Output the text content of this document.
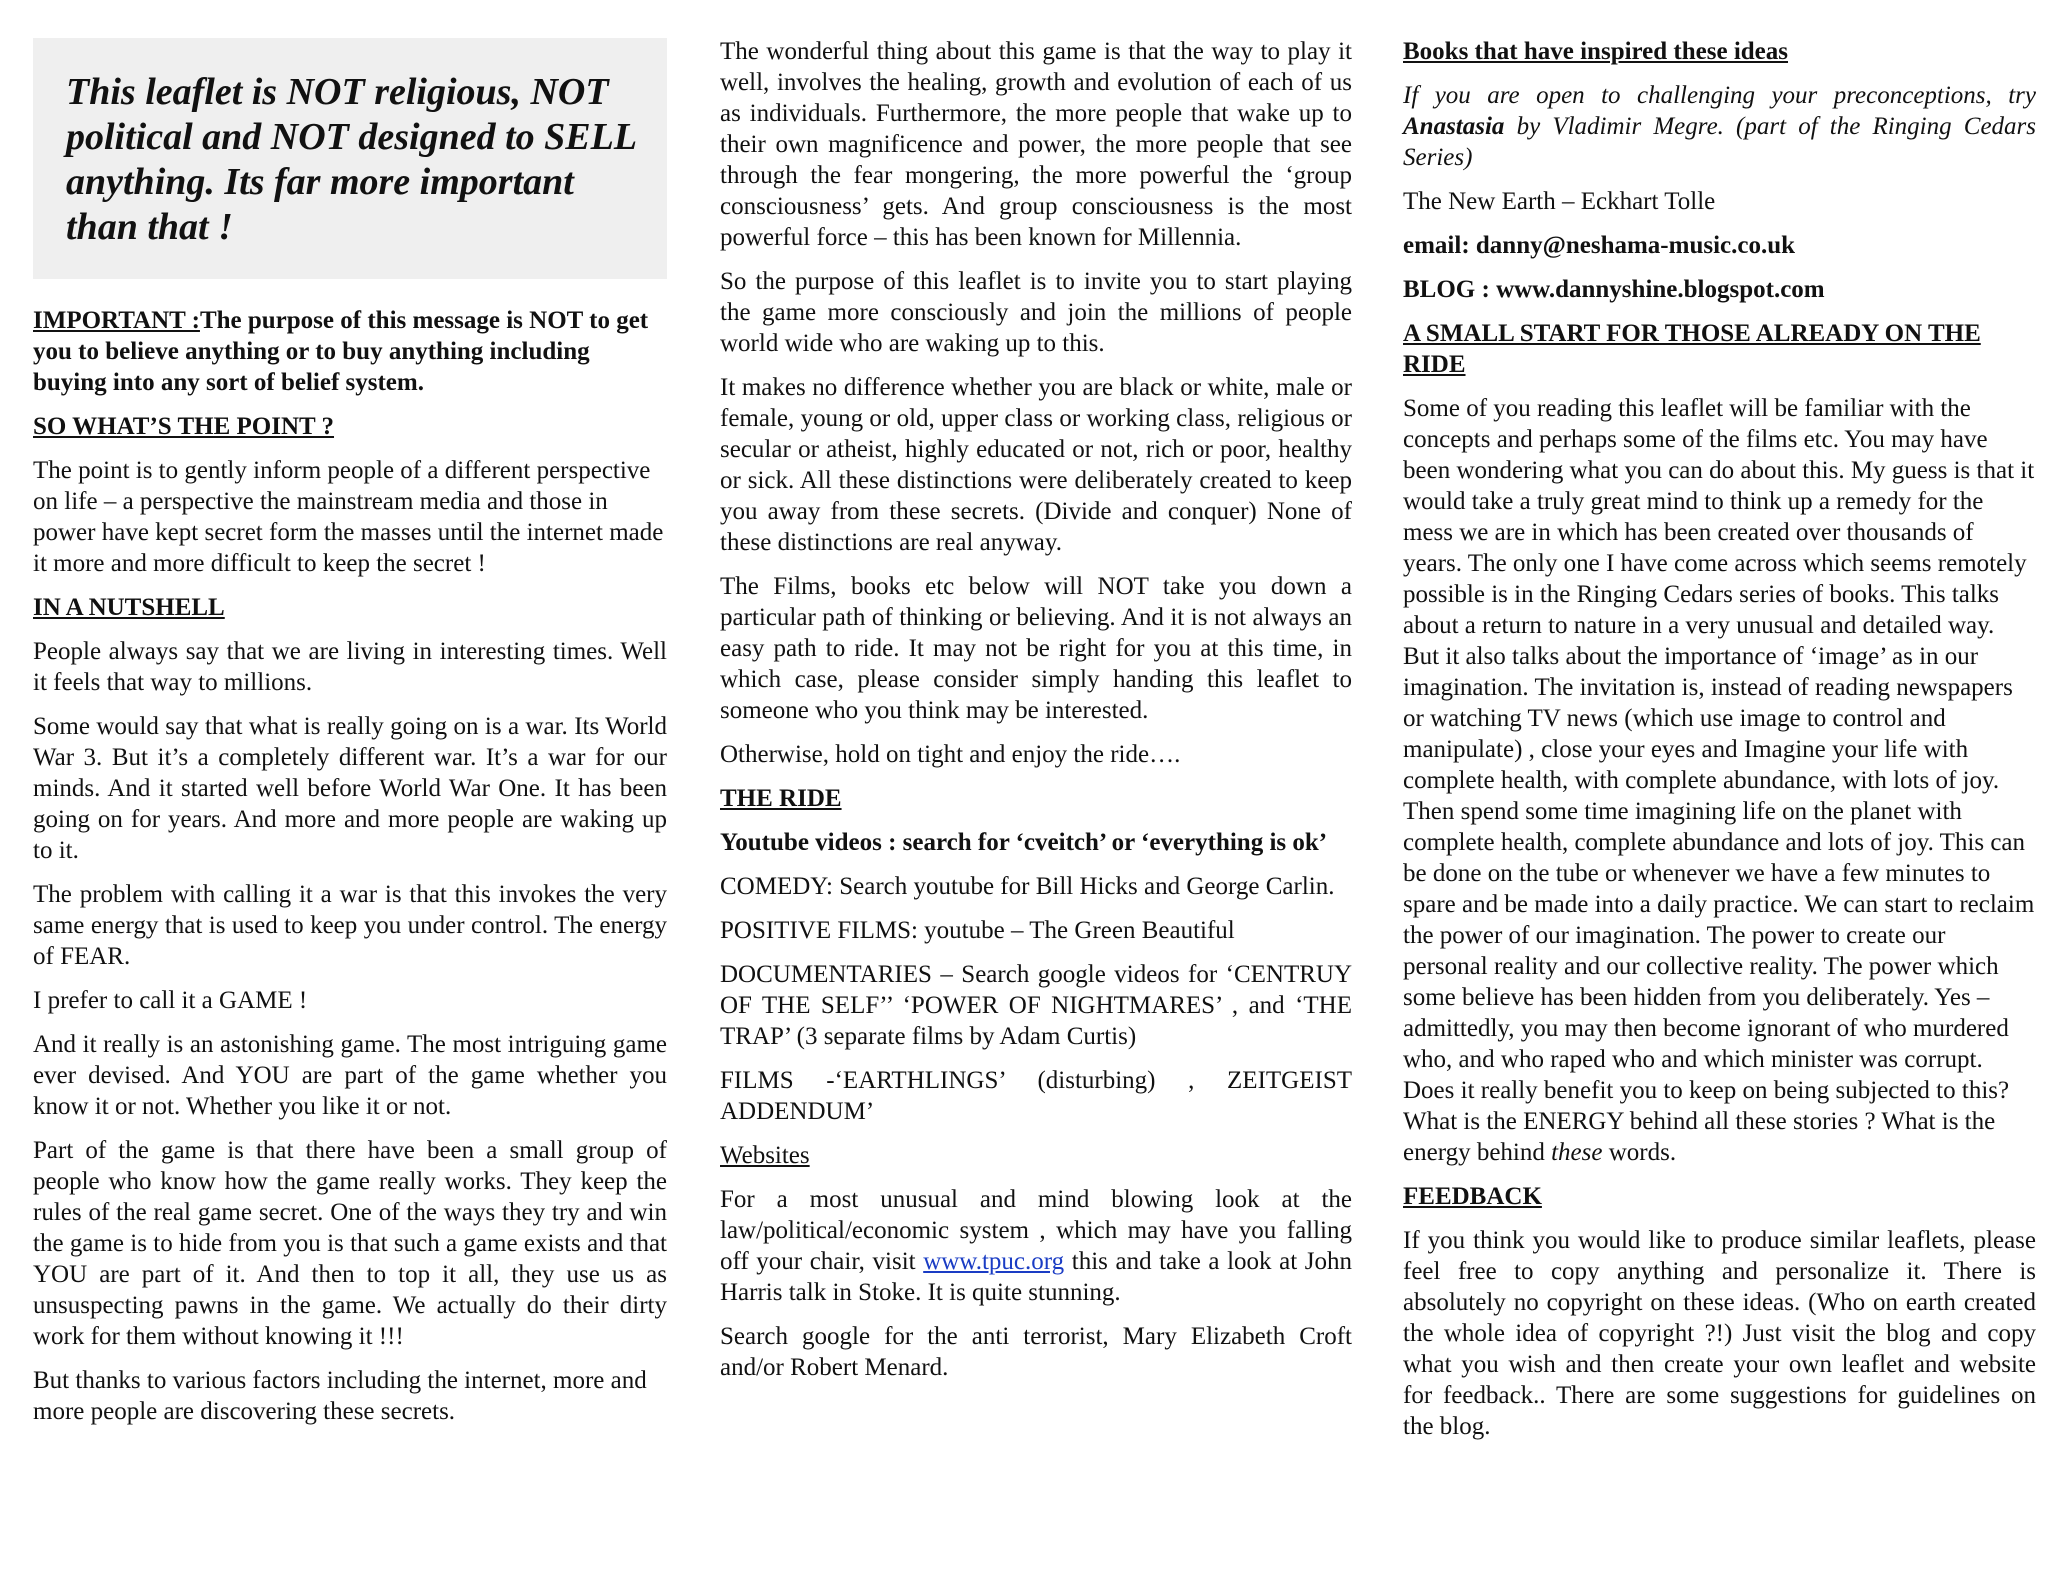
This leaflet is NOT religious, NOT political and NOT designed to SELL anything. Its far more important than that !

IMPORTANT :The purpose of this message is NOT to get you to believe anything or to buy anything including buying into any sort of belief system.

SO WHAT’S THE POINT ?

The point is to gently inform people of a different perspective on life – a perspective the mainstream media and those in power have kept secret form the masses until the internet made it more and more difficult to keep the secret !

IN A NUTSHELL

People always say that we are living in interesting times. Well it feels that way to millions.

Some would say that what is really going on is a war. Its World War 3. But it’s a completely different war. It’s a war for our minds. And it started well before World War One. It has been going on for years. And more and more people are waking up to it.

The problem with calling it a war is that this invokes the very same energy that is used to keep you under control. The energy of FEAR.

I prefer to call it a GAME !

And it really is an astonishing game. The most intriguing game ever devised. And YOU are part of the game whether you know it or not. Whether you like it or not.

Part of the game is that there have been a small group of people who know how the game really works. They keep the rules of the real game secret. One of the ways they try and win the game is to hide from you is that such a game exists and that YOU are part of it. And then to top it all, they use us as unsuspecting pawns in the game. We actually do their dirty work for them without knowing it !!!

But thanks to various factors including the internet, more and more people are discovering these secrets.

The wonderful thing about this game is that the way to play it well, involves the healing, growth and evolution of each of us as individuals. Furthermore, the more people that wake up to their own magnificence and power, the more people that see through the fear mongering, the more powerful the ‘group consciousness’ gets. And group consciousness is the most powerful force – this has been known for Millennia.

So the purpose of this leaflet is to invite you to start playing the game more consciously and join the millions of people world wide who are waking up to this.

It makes no difference whether you are black or white, male or female, young or old, upper class or working class, religious or secular or atheist, highly educated or not, rich or poor, healthy or sick. All these distinctions were deliberately created to keep you away from these secrets. (Divide and conquer) None of these distinctions are real anyway.

The Films, books etc below will NOT take you down a particular path of thinking or believing. And it is not always an easy path to ride. It may not be right for you at this time, in which case, please consider simply handing this leaflet to someone who you think may be interested.

Otherwise, hold on tight and enjoy the ride….

THE RIDE

Youtube videos : search for ‘cveitch’ or ‘everything is ok’

COMEDY: Search youtube for Bill Hicks and George Carlin.

POSITIVE FILMS: youtube – The Green Beautiful

DOCUMENTARIES – Search google videos for ‘CENTRUY OF THE SELF’’ ‘POWER OF NIGHTMARES’ , and ‘THE TRAP’ (3 separate films by Adam Curtis)

FILMS -‘EARTHLINGS’ (disturbing) , ZEITGEIST ADDENDUM’

Websites

For a most unusual and mind blowing look at the law/political/economic system , which may have you falling off your chair, visit www.tpuc.org this and take a look at John Harris talk in Stoke. It is quite stunning.

Search google for the anti terrorist, Mary Elizabeth Croft and/or Robert Menard.

Books that have inspired these ideas

If you are open to challenging your preconceptions, try Anastasia by Vladimir Megre. (part of the Ringing Cedars Series)

The New Earth – Eckhart Tolle

email: danny@neshama-music.co.uk

BLOG : www.dannyshine.blogspot.com

A SMALL START FOR THOSE ALREADY ON THE RIDE

Some of you reading this leaflet will be familiar with the concepts and perhaps some of the films etc. You may have been wondering what you can do about this. My guess is that it would take a truly great mind to think up a remedy for the mess we are in which has been created over thousands of years. The only one I have come across which seems remotely possible is in the Ringing Cedars series of books. This talks about a return to nature in a very unusual and detailed way. But it also talks about the importance of ‘image’ as in our imagination. The invitation is, instead of reading newspapers or watching TV news (which use image to control and manipulate) , close your eyes and Imagine your life with complete health, with complete abundance, with lots of joy. Then spend some time imagining life on the planet with complete health, complete abundance and lots of joy. This can be done on the tube or whenever we have a few minutes to spare and be made into a daily practice. We can start to reclaim the power of our imagination. The power to create our personal reality and our collective reality. The power which some believe has been hidden from you deliberately. Yes – admittedly, you may then become ignorant of who murdered who, and who raped who and which minister was corrupt. Does it really benefit you to keep on being subjected to this? What is the ENERGY behind all these stories ? What is the energy behind these words.

FEEDBACK

If you think you would like to produce similar leaflets, please feel free to copy anything and personalize it. There is absolutely no copyright on these ideas. (Who on earth created the whole idea of copyright ?!) Just visit the blog and copy what you wish and then create your own leaflet and website for feedback.. There are some suggestions for guidelines on the blog.
